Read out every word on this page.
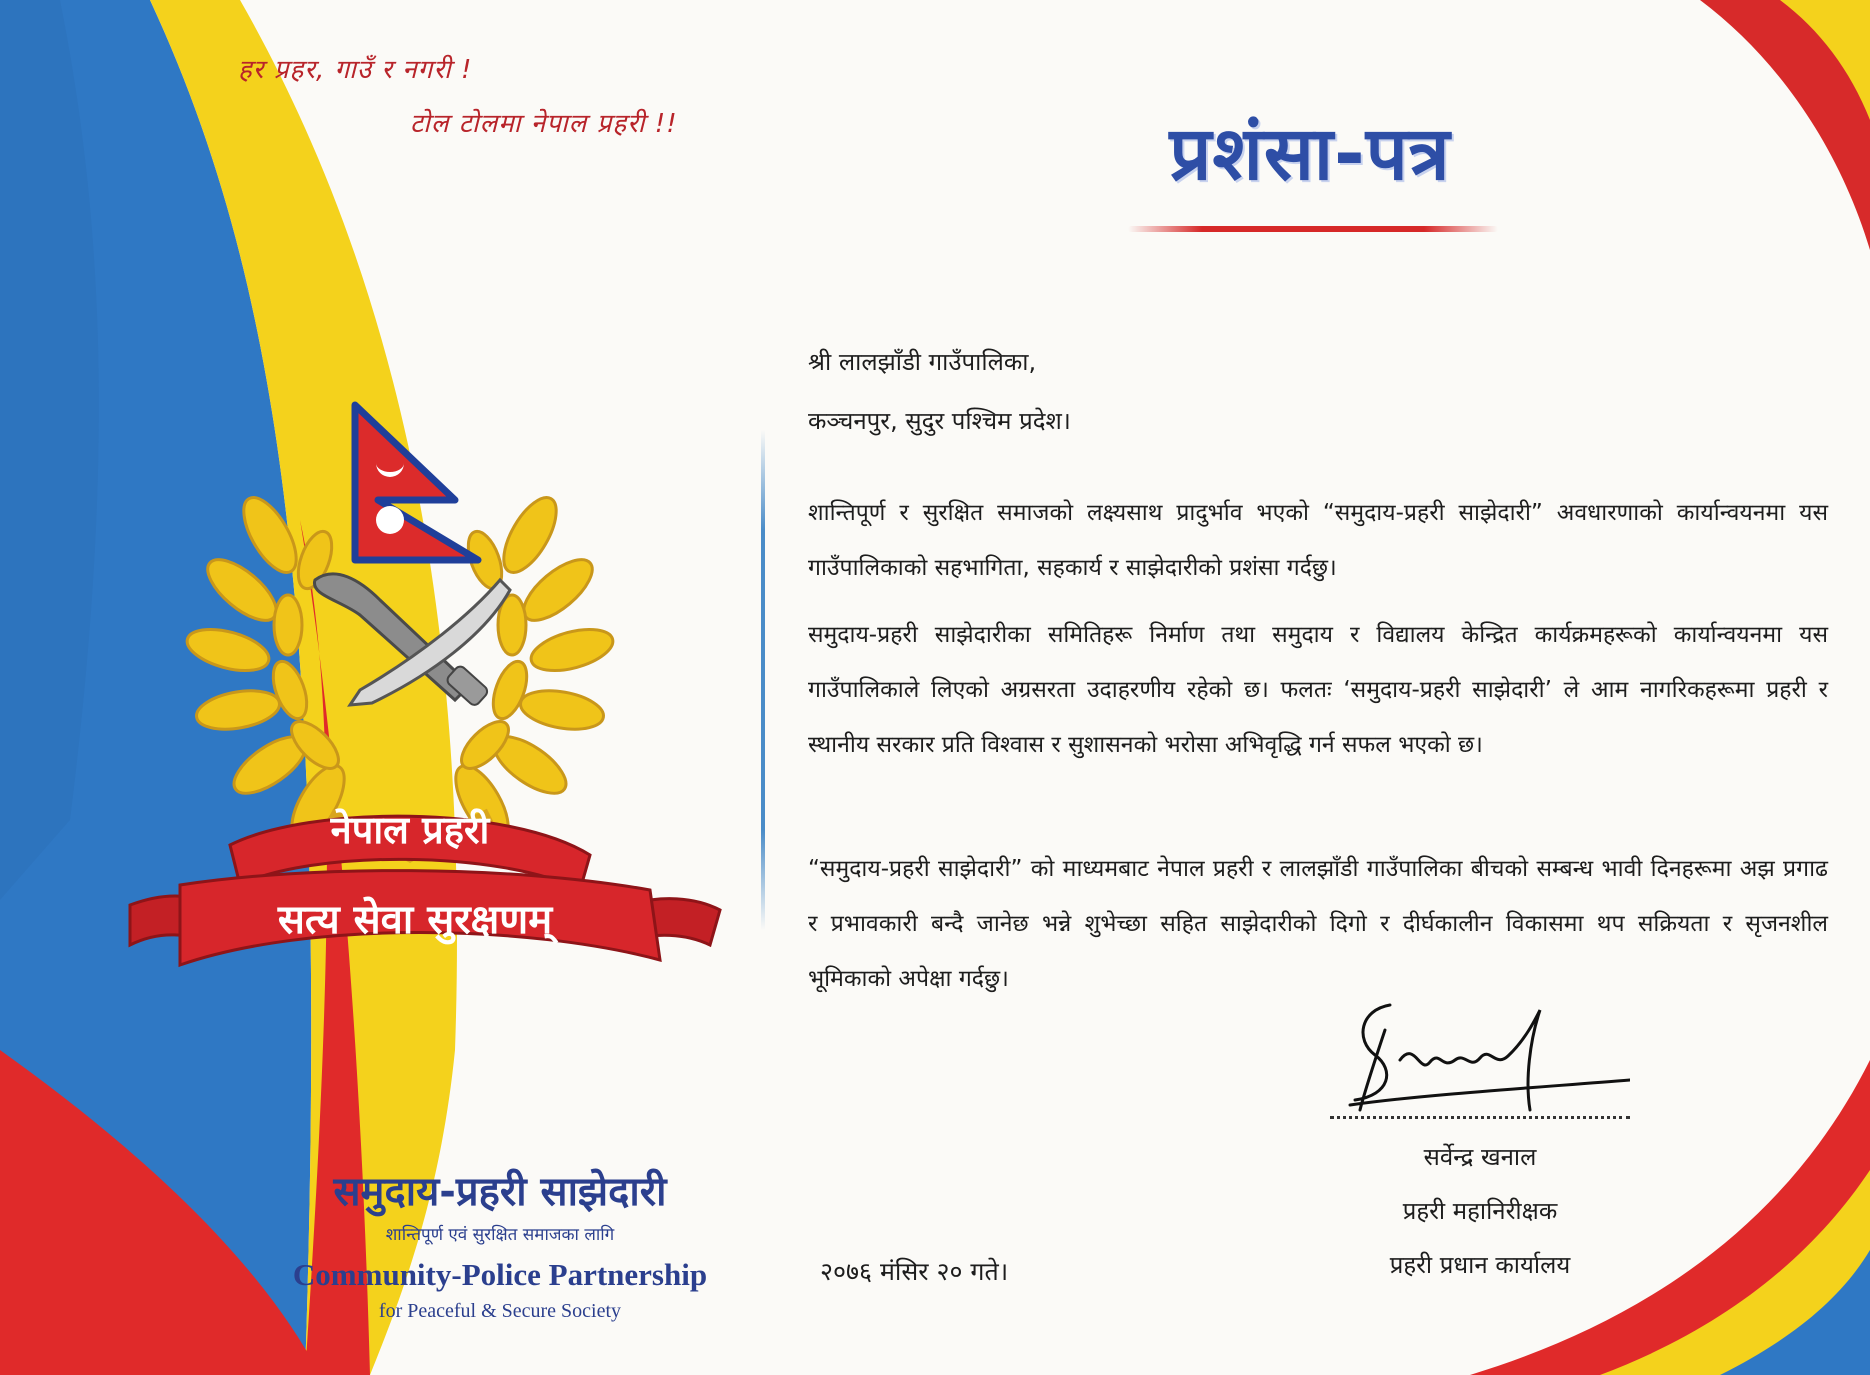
हर प्रहर, गाउँ र नगरी !
टोल टोलमा नेपाल प्रहरी !!	प्रशंसा-पत्र
नेपाल प्रहरी
सत्य सेवा सुरक्षणम्
श्री लालझाँडी गाउँपालिका,
कञ्चनपुर, सुदुर पश्चिम प्रदेश।
शान्तिपूर्ण र सुरक्षित समाजको लक्ष्यसाथ प्रादुर्भाव भएको “समुदाय-प्रहरी साझेदारी” अवधारणाको कार्यान्वयनमा यस गाउँपालिकाको सहभागिता, सहकार्य र साझेदारीको प्रशंसा गर्दछु।
समुदाय-प्रहरी साझेदारीका समितिहरू निर्माण तथा समुदाय र विद्यालय केन्द्रित कार्यक्रमहरूको कार्यान्वयनमा यस गाउँपालिकाले लिएको अग्रसरता उदाहरणीय रहेको छ। फलतः ‘समुदाय-प्रहरी साझेदारी’ ले आम नागरिकहरूमा प्रहरी र स्थानीय सरकार प्रति विश्वास र सुशासनको भरोसा अभिवृद्धि गर्न सफल भएको छ।
“समुदाय-प्रहरी साझेदारी” को माध्यमबाट नेपाल प्रहरी र लालझाँडी गाउँपालिका बीचको सम्बन्ध भावी दिनहरूमा अझ प्रगाढ र प्रभावकारी बन्दै जानेछ भन्ने शुभेच्छा सहित साझेदारीको दिगो र दीर्घकालीन विकासमा थप सक्रियता र सृजनशील भूमिकाको अपेक्षा गर्दछु।
सर्वेन्द्र खनाल
प्रहरी महानिरीक्षक
प्रहरी प्रधान कार्यालय
२०७६ मंसिर २० गते।
समुदाय-प्रहरी साझेदारी
शान्तिपूर्ण एवं सुरक्षित समाजका लागि
Community-Police Partnership
for Peaceful & Secure Society
